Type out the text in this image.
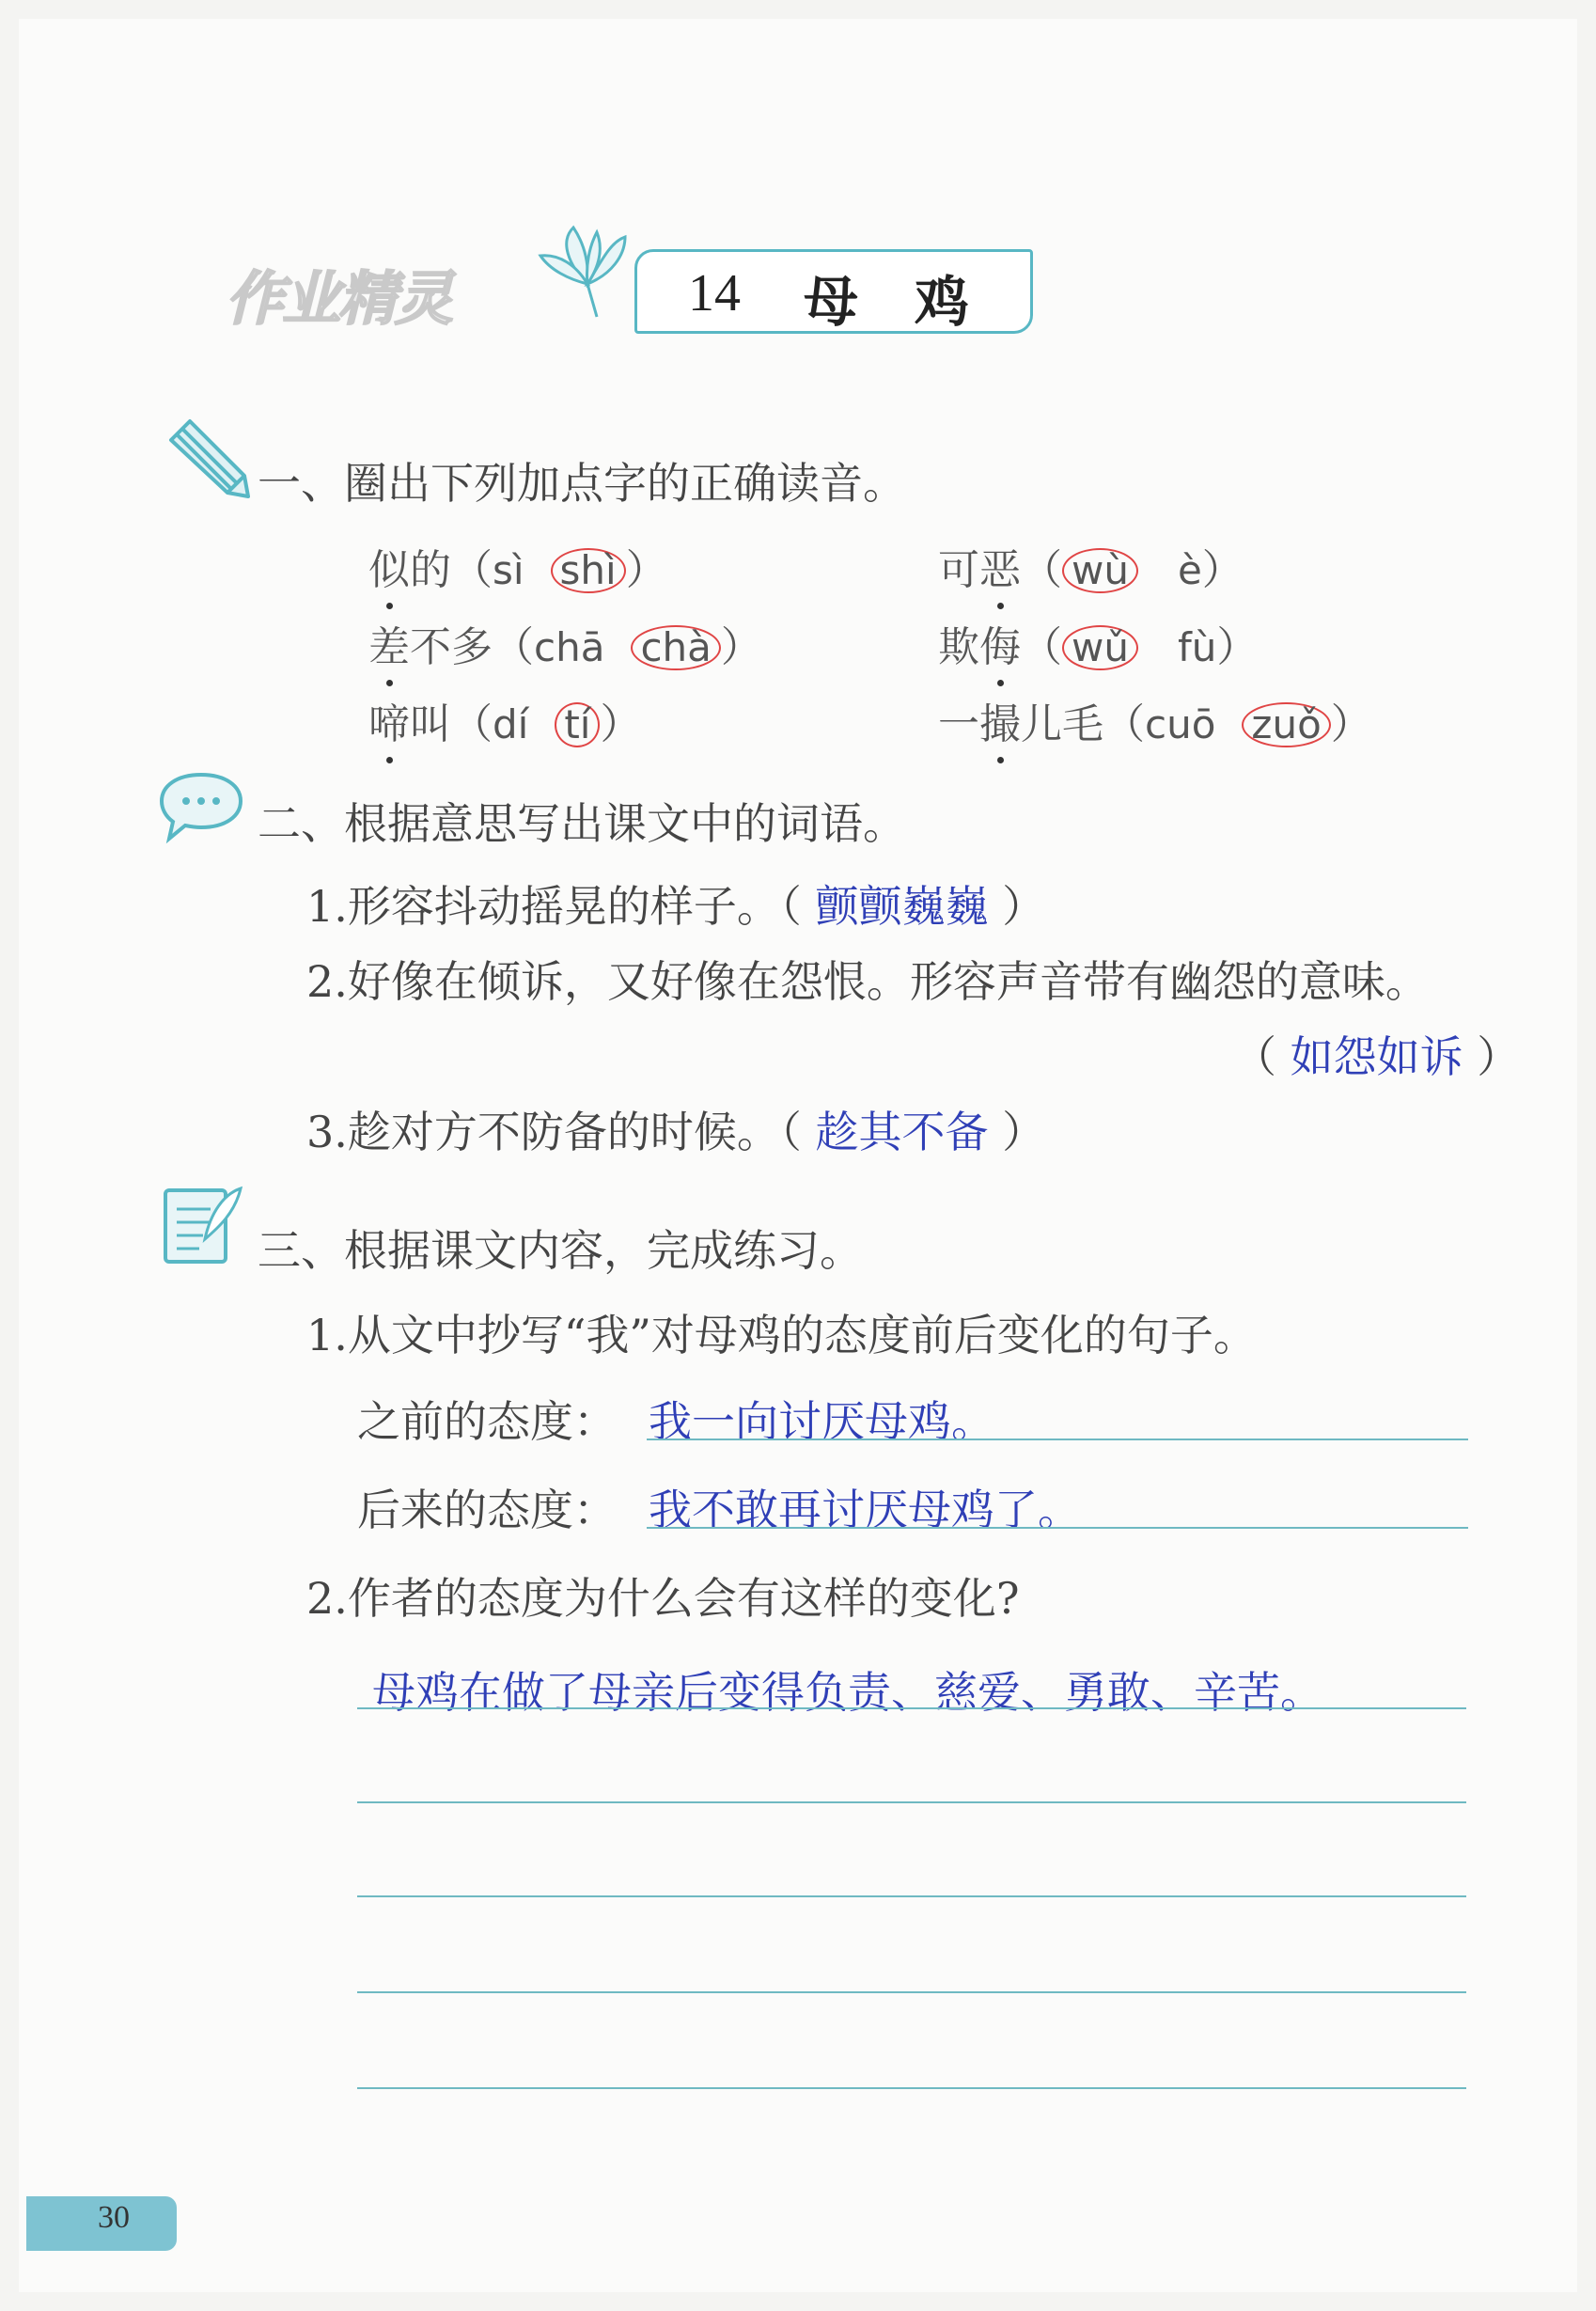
作业精灵	14 母鸡
一、圈出下列加点字的正确读音。
似的（sì shì ）	可恶（ wù è）
差不多（chā chà ）	欺侮（ wǔ fù）
啼叫（dí tí ）	一撮儿毛（cuō zuǒ ）
二、根据意思写出课文中的词语。
1.形容抖动摇晃的样子。（ 颤颤巍巍 ）
2.好像在倾诉，又好像在怨恨。形容声音带有幽怨的意味。
（ 如怨如诉 ）
3.趁对方不防备的时候。（ 趁其不备 ）
三、根据课文内容，完成练习。
1.从文中抄写“我”对母鸡的态度前后变化的句子。
之前的态度： 我一向讨厌母鸡。
后来的态度： 我不敢再讨厌母鸡了。
2.作者的态度为什么会有这样的变化?
母鸡在做了母亲后变得负责、慈爱、勇敢、辛苦。
30
